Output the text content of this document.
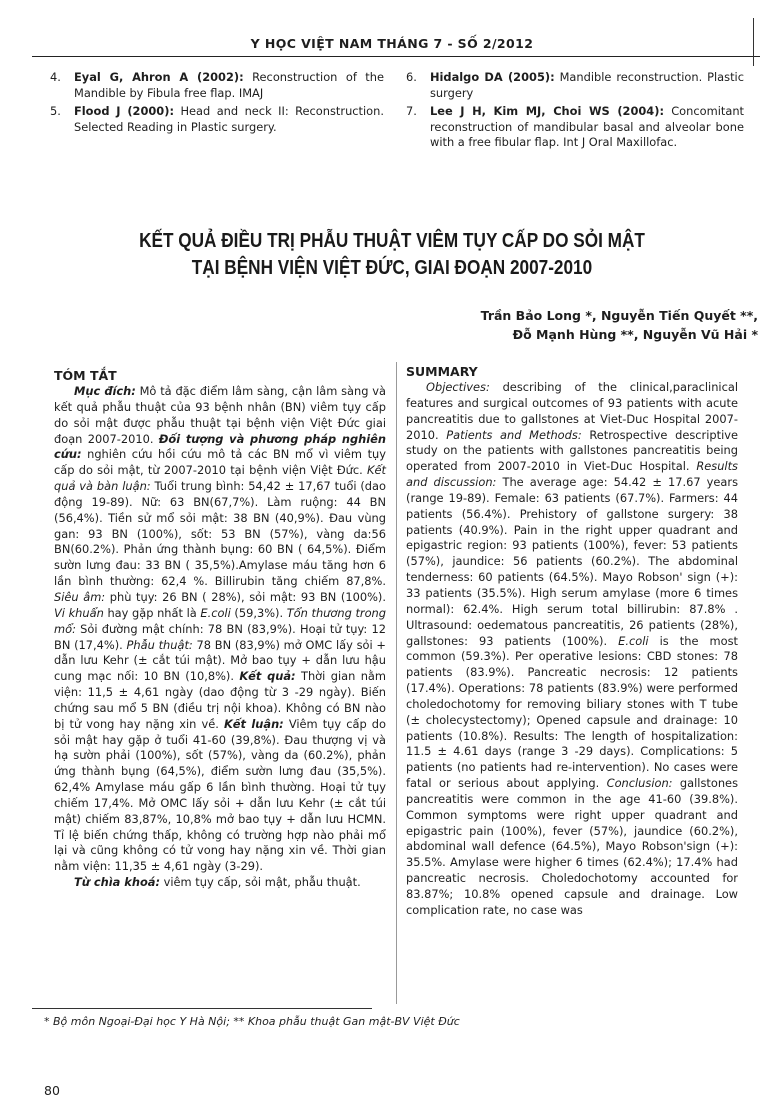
Y HỌC VIỆT NAM THÁNG 7 - SỐ 2/2012
4. Eyal G, Ahron A (2002): Reconstruction of the Mandible by Fibula free flap. IMAJ
5. Flood J (2000): Head and neck II: Reconstruction. Selected Reading in Plastic surgery.
6. Hidalgo DA (2005): Mandible reconstruction. Plastic surgery
7. Lee J H, Kim MJ, Choi WS (2004): Concomitant reconstruction of mandibular basal and alveolar bone with a free fibular flap. Int J Oral Maxillofac.
KẾT QUẢ ĐIỀU TRỊ PHẪU THUẬT VIÊM TỤY CẤP DO SỎI MẬT
TẠI BỆNH VIỆN VIỆT ĐỨC, GIAI ĐOẠN 2007-2010
Trần Bảo Long *, Nguyễn Tiến Quyết **,
Đỗ Mạnh Hùng **, Nguyễn Vũ Hải *
TÓM TẮT

Mục đích: Mô tả đặc điểm lâm sàng, cận lâm sàng và kết quả phẫu thuật của 93 bệnh nhân (BN) viêm tụy cấp do sỏi mật được phẫu thuật tại bệnh viện Việt Đức giai đoạn 2007-2010. Đối tượng và phương pháp nghiên cứu: nghiên cứu hồi cứu mô tả các BN mổ vì viêm tụy cấp do sỏi mật, từ 2007-2010 tại bệnh viện Việt Đức. Kết quả và bàn luận: Tuổi trung bình: 54,42 ± 17,67 tuổi (dao động 19-89). Nữ: 63 BN(67,7%). Làm ruộng: 44 BN (56,4%). Tiền sử mổ sỏi mật: 38 BN (40,9%). Đau vùng gan: 93 BN (100%), sốt: 53 BN (57%), vàng da:56 BN(60.2%). Phản ứng thành bụng: 60 BN ( 64,5%). Điểm sườn lưng đau: 33 BN ( 35,5%).Amylase máu tăng hơn 6 lần bình thường: 62,4 %. Billirubin tăng chiếm 87,8%. Siêu âm: phù tụy: 26 BN ( 28%), sỏi mật: 93 BN (100%). Vi khuẩn hay gặp nhất là E.coli (59,3%). Tổn thương trong mổ: Sỏi đường mật chính: 78 BN (83,9%). Hoại tử tụy: 12 BN (17,4%). Phẫu thuật: 78 BN (83,9%) mở OMC lấy sỏi + dẫn lưu Kehr (± cắt túi mật). Mở bao tụy + dẫn lưu hậu cung mạc nối: 10 BN (10,8%). Kết quả: Thời gian nằm viện: 11,5 ± 4,61 ngày (dao động từ 3 -29 ngày). Biến chứng sau mổ 5 BN (điều trị nội khoa). Không có BN nào bị tử vong hay nặng xin về. Kết luận: Viêm tụy cấp do sỏi mật hay gặp ở tuổi 41-60 (39,8%). Đau thượng vị và hạ sườn phải (100%), sốt (57%), vàng da (60.2%), phản ứng thành bụng (64,5%), điểm sườn lưng đau (35,5%). 62,4% Amylase máu gấp 6 lần bình thường. Hoại tử tụy chiếm 17,4%. Mở OMC lấy sỏi + dẫn lưu Kehr (± cắt túi mật) chiếm 83,87%, 10,8% mở bao tụy + dẫn lưu HCMN. Tỉ lệ biến chứng thấp, không có trường hợp nào phải mổ lại và cũng không có tử vong hay nặng xin về. Thời gian nằm viện: 11,35 ± 4,61 ngày (3-29).

Từ chìa khoá: viêm tụy cấp, sỏi mật, phẫu thuật.

SUMMARY

Objectives: describing of the clinical,paraclinical features and surgical outcomes of 93 patients with acute pancreatitis due to gallstones at Viet-Duc Hospital 2007-2010. Patients and Methods: Retrospective descriptive study on the patients with gallstones pancreatitis being operated from 2007-2010 in Viet-Duc Hospital. Results and discussion: The average age: 54.42 ± 17.67 years (range 19-89). Female: 63 patients (67.7%). Farmers: 44 patients (56.4%). Prehistory of gallstone surgery: 38 patients (40.9%). Pain in the right upper quadrant and epigastric region: 93 patients (100%), fever: 53 patients (57%), jaundice: 56 patients (60.2%). The abdominal tenderness: 60 patients (64.5%). Mayo Robson' sign (+): 33 patients (35.5%). High serum amylase (more 6 times normal): 62.4%. High serum total billirubin: 87.8% . Ultrasound: oedematous pancreatitis, 26 patients (28%), gallstones: 93 patients (100%). E.coli is the most common (59.3%). Per operative lesions: CBD stones: 78 patients (83.9%). Pancreatic necrosis: 12 patients (17.4%). Operations: 78 patients (83.9%) were performed choledochotomy for removing biliary stones with T tube (± cholecystectomy); Opened capsule and drainage: 10 patients (10.8%). Results: The length of hospitalization: 11.5 ± 4.61 days (range 3 -29 days). Complications: 5 patients (no patients had re-intervention). No cases were fatal or serious about applying. Conclusion: gallstones pancreatitis were common in the age 41-60 (39.8%). Common symptoms were right upper quadrant and epigastric pain (100%), fever (57%), jaundice (60.2%), abdominal wall defence (64.5%), Mayo Robson'sign (+): 35.5%. Amylase were higher 6 times (62.4%); 17.4% had pancreatic necrosis. Choledochotomy accounted for 83.87%; 10.8% opened capsule and drainage. Low complication rate, no case was

* Bộ môn Ngoại-Đại học Y Hà Nội; ** Khoa phẫu thuật Gan mật-BV Việt Đức
80
